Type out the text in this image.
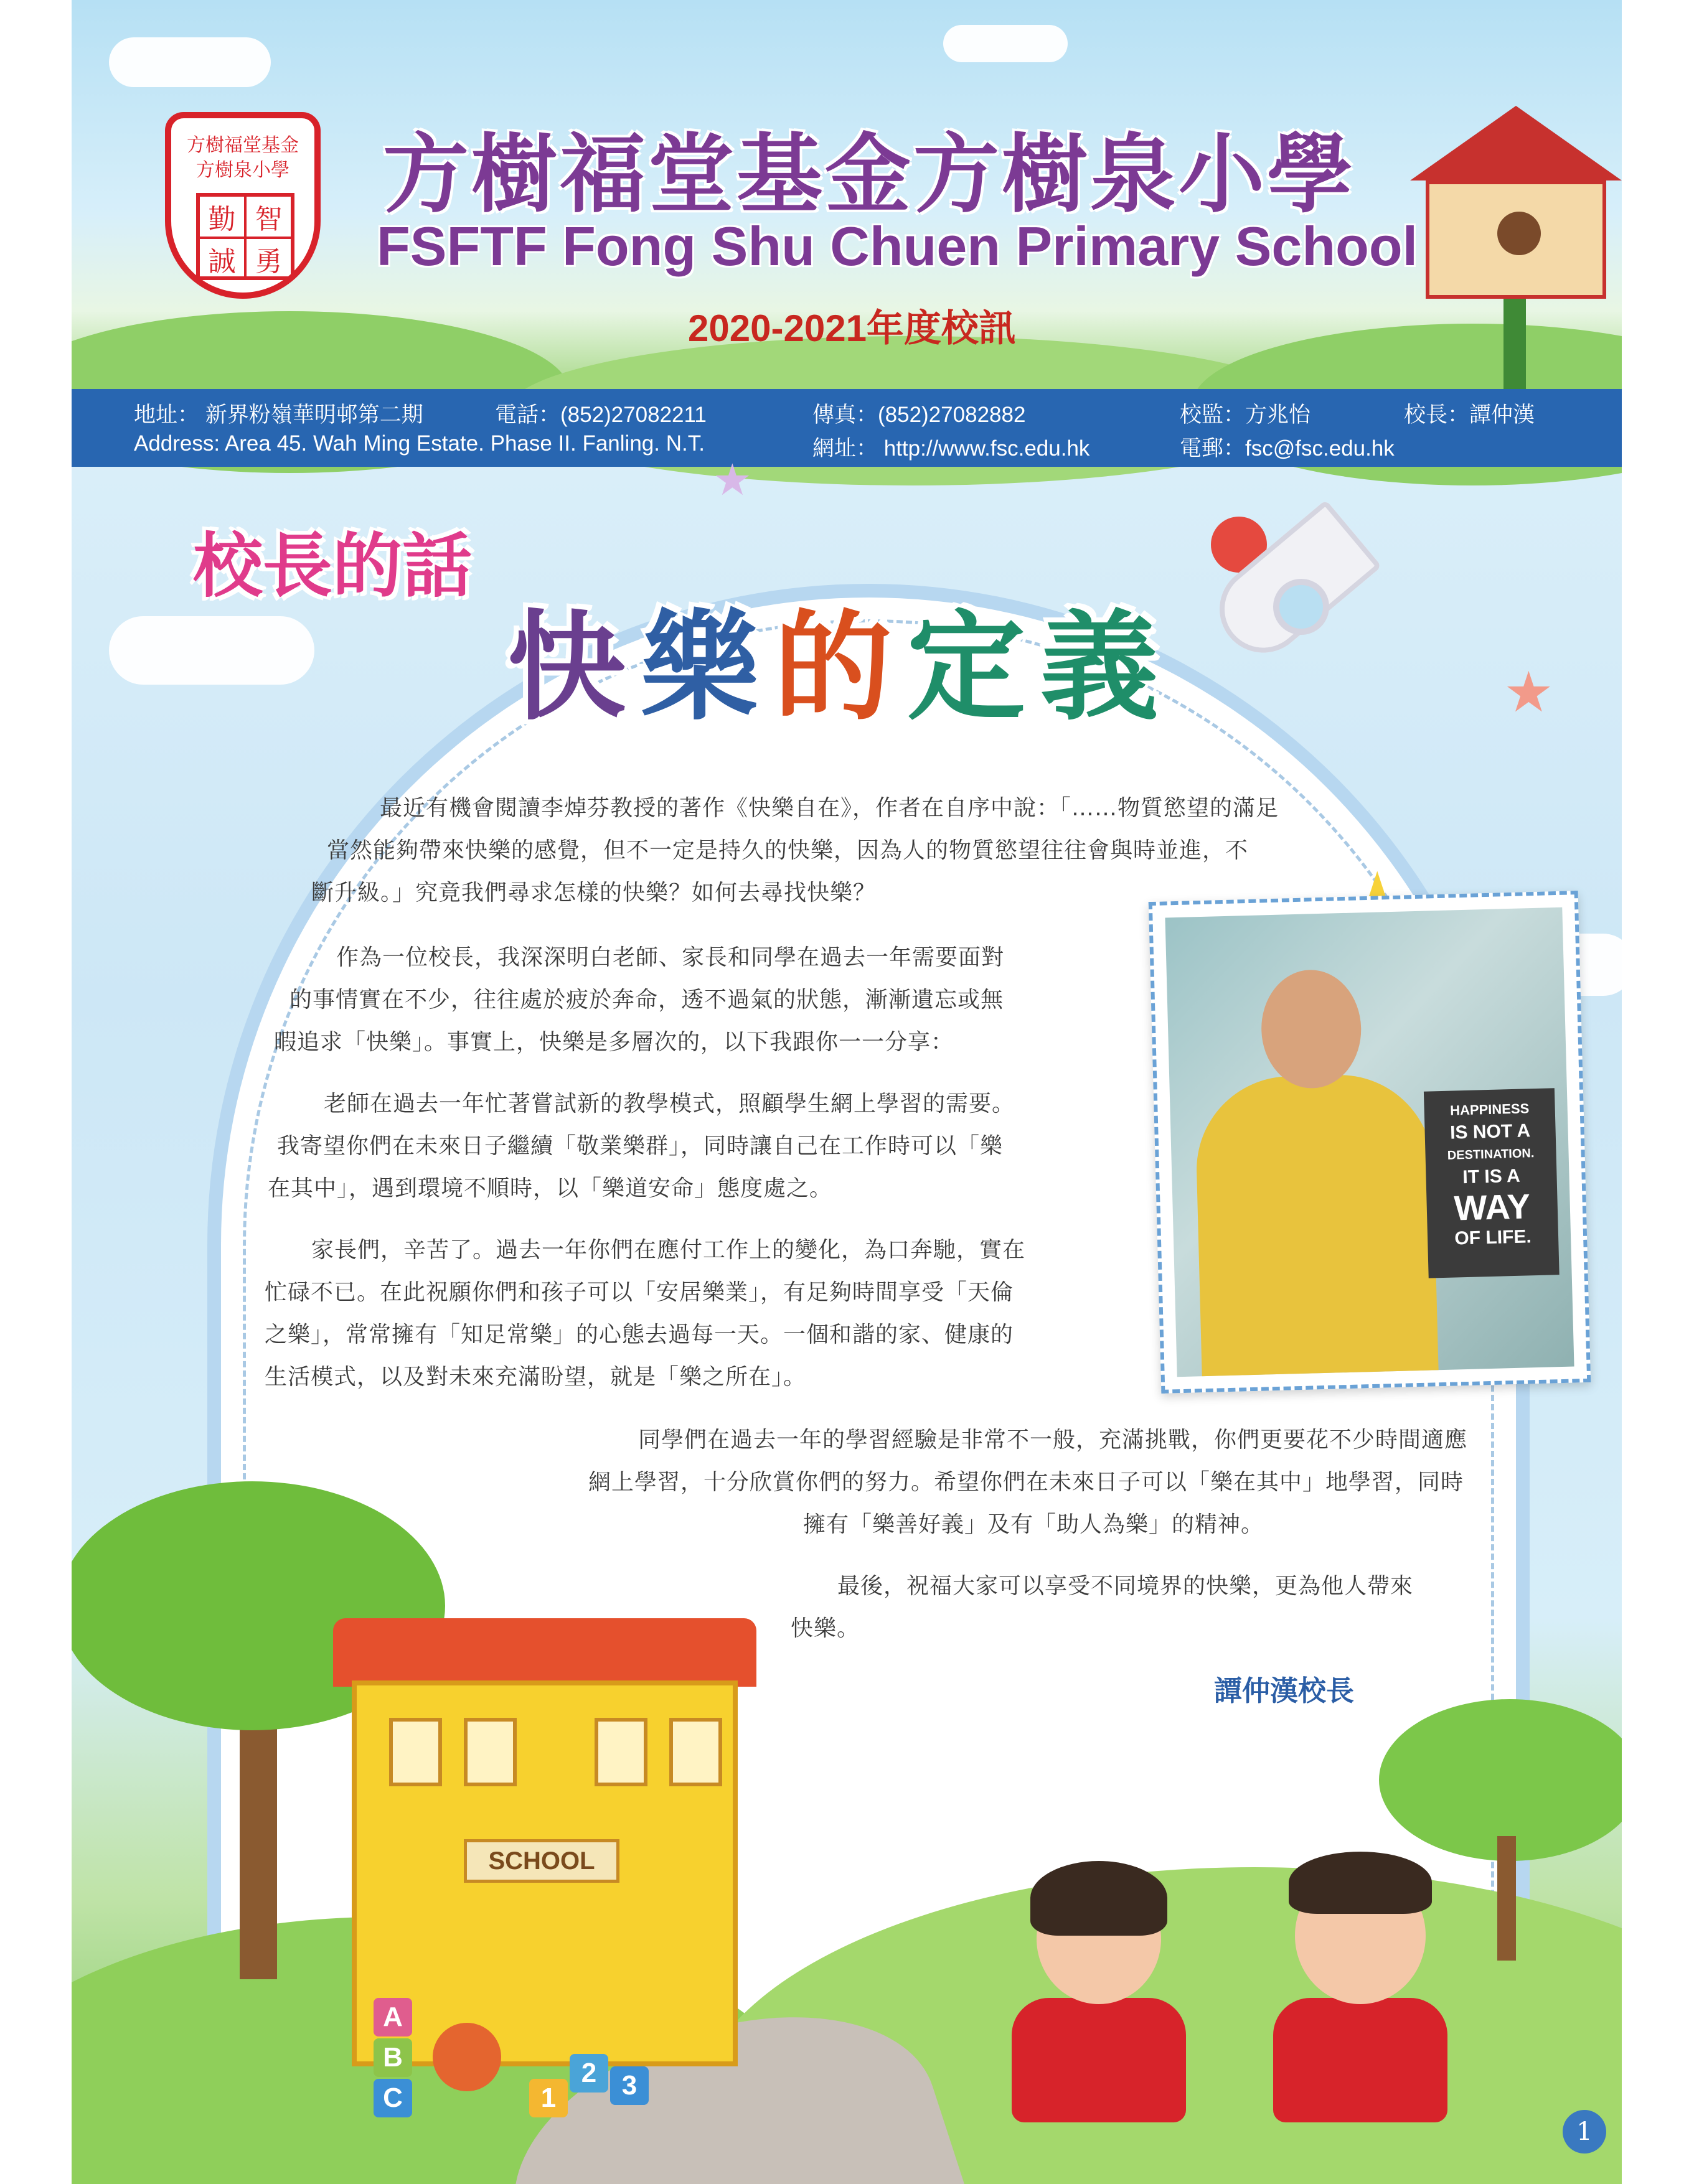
方樹福堂基金 方樹泉小學
勤 智
誠 勇
方樹福堂基金方樹泉小學
FSFTF Fong Shu Chuen Primary School
2020-2021年度校訊
地址： 新界粉嶺華明邨第二期
Address: Area 45. Wah Ming Estate. Phase II. Fanling. N.T.
電話：(852)27082211	傳真：(852)27082882
網址： http://www.fsc.edu.hk
校監：方兆怡	校長：譚仲漢
電郵：fsc@fsc.edu.hk
校長的話
快樂的定義	★
★

最近有機會閱讀李焯芬教授的著作《快樂自在》，作者在自序中說：「……物質慾望的滿足

當然能夠帶來快樂的感覺，但不一定是持久的快樂，因為人的物質慾望往往會與時並進，不

斷升級。」究竟我們尋求怎樣的快樂？如何去尋找快樂？

作為一位校長，我深深明白老師、家長和同學在過去一年需要面對

的事情實在不少，往往處於疲於奔命，透不過氣的狀態，漸漸遺忘或無

暇追求「快樂」。事實上，快樂是多層次的，以下我跟你一一分享：

老師在過去一年忙著嘗試新的教學模式，照顧學生網上學習的需要。

我寄望你們在未來日子繼續「敬業樂群」，同時讓自己在工作時可以「樂

在其中」，遇到環境不順時，以「樂道安命」態度處之。

家長們，辛苦了。過去一年你們在應付工作上的變化，為口奔馳，實在

忙碌不已。在此祝願你們和孩子可以「安居樂業」，有足夠時間享受「天倫

之樂」，常常擁有「知足常樂」的心態去過每一天。一個和諧的家、健康的

生活模式，以及對未來充滿盼望，就是「樂之所在」。

同學們在過去一年的學習經驗是非常不一般，充滿挑戰，你們更要花不少時間適應

網上學習，十分欣賞你們的努力。希望你們在未來日子可以「樂在其中」地學習，同時

擁有「樂善好義」及有「助人為樂」的精神。

最後，祝福大家可以享受不同境界的快樂，更為他人帶來

快樂。

譚仲漢校長
HAPPINESS
IS NOT A
DESTINATION.
IT IS A
WAY
OF LIFE.
SCHOOL
A
B
C	1
2 3
1
